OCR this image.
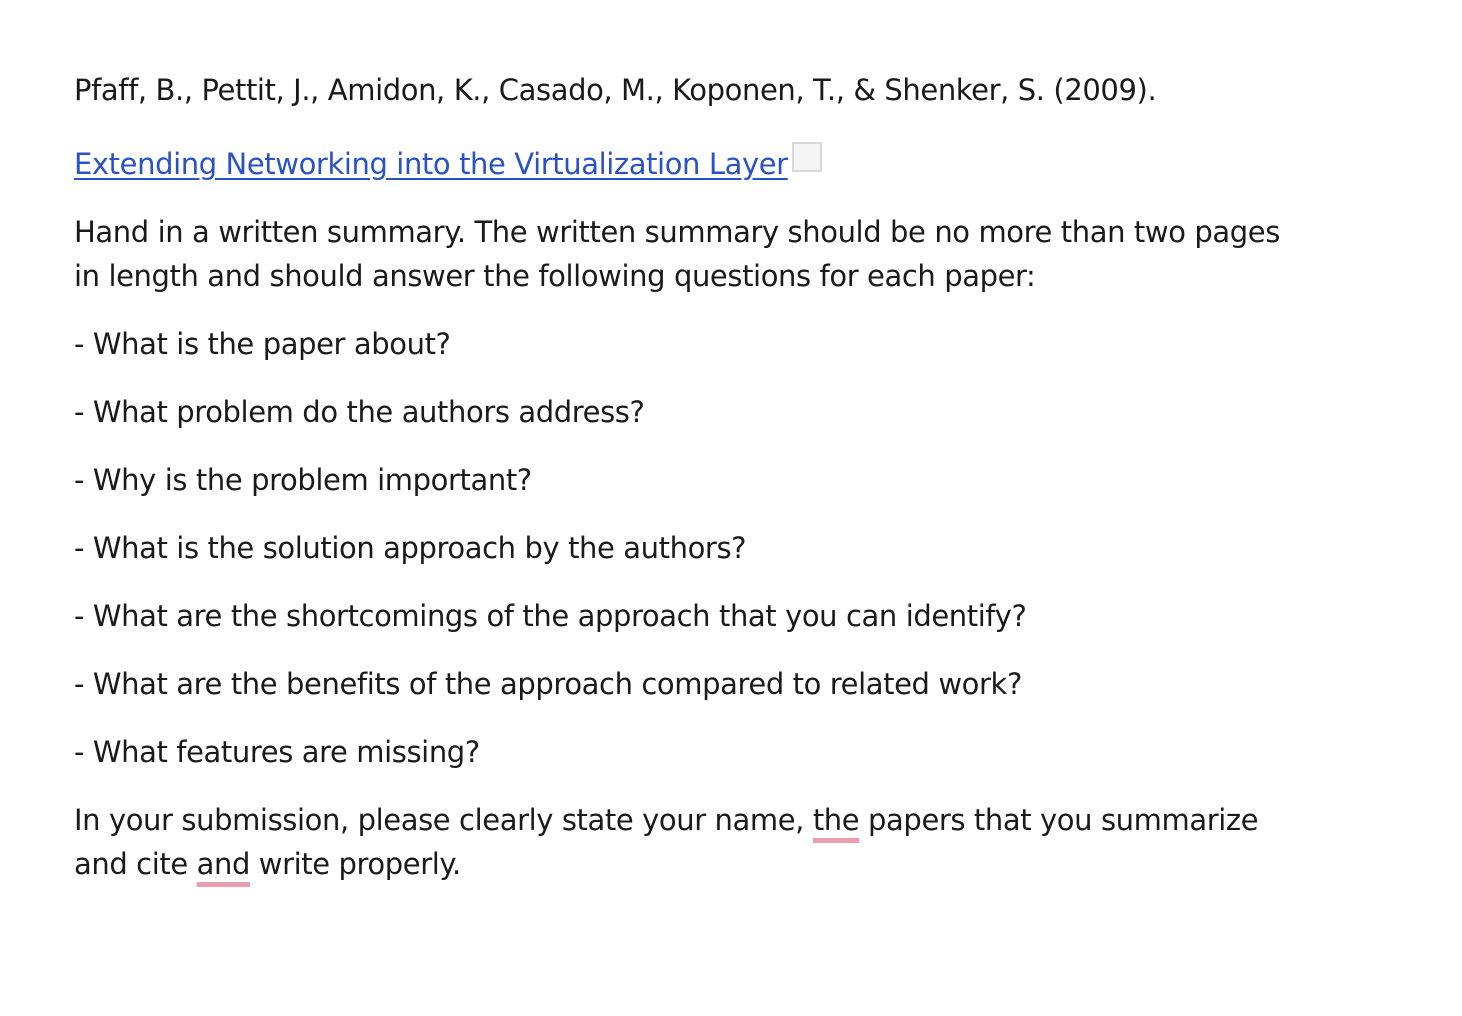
Pfaff, B., Pettit, J., Amidon, K., Casado, M., Koponen, T., & Shenker, S. (2009).

Extending Networking into the Virtualization Layer

Hand in a written summary. The written summary should be no more than two pages in length and should answer the following questions for each paper:

- What is the paper about?

- What problem do the authors address?

- Why is the problem important?

- What is the solution approach by the authors?

- What are the shortcomings of the approach that you can identify?

- What are the benefits of the approach compared to related work?

- What features are missing?

In your submission, please clearly state your name, the papers that you summarize and cite and write properly.
